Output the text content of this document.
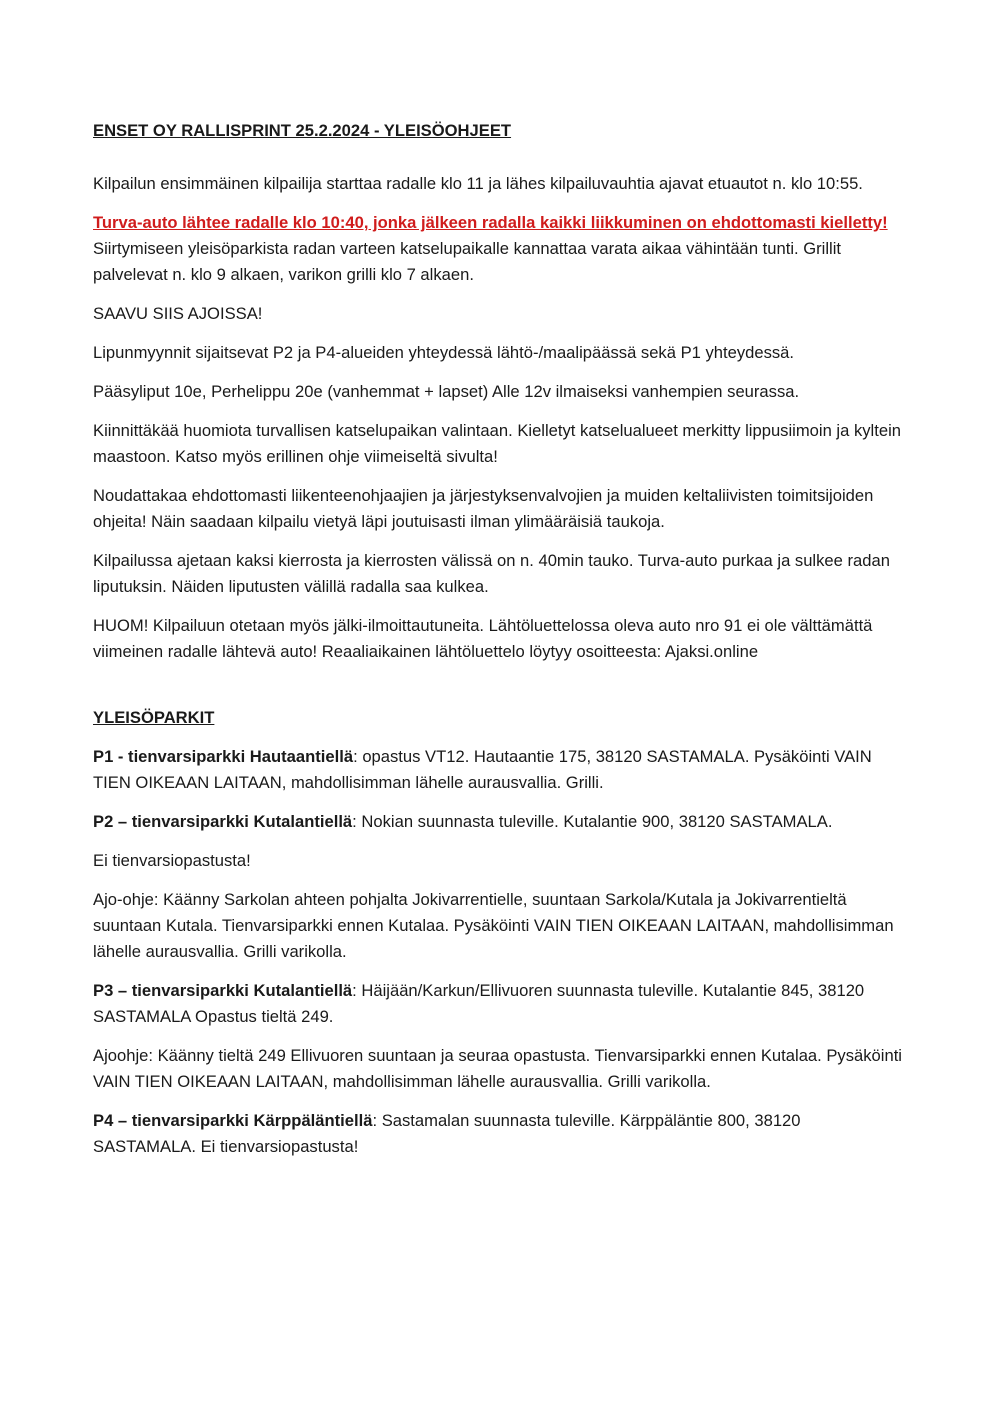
ENSET OY RALLISPRINT 25.2.2024 - YLEISÖOHJEET

Kilpailun ensimmäinen kilpailija starttaa radalle klo 11 ja lähes kilpailuvauhtia ajavat etuautot n. klo 10:55.

Turva-auto lähtee radalle klo 10:40, jonka jälkeen radalla kaikki liikkuminen on ehdottomasti kielletty! Siirtymiseen yleisöparkista radan varteen katselupaikalle kannattaa varata aikaa vähintään tunti. Grillit palvelevat n. klo 9 alkaen, varikon grilli klo 7 alkaen.

SAAVU SIIS AJOISSA!

Lipunmyynnit sijaitsevat P2 ja P4-alueiden yhteydessä lähtö-/maalipäässä sekä P1 yhteydessä.

Pääsyliput 10e, Perhelippu 20e (vanhemmat + lapset) Alle 12v ilmaiseksi vanhempien seurassa.

Kiinnittäkää huomiota turvallisen katselupaikan valintaan. Kielletyt katselualueet merkitty lippusiimoin ja kyltein maastoon. Katso myös erillinen ohje viimeiseltä sivulta!

Noudattakaa ehdottomasti liikenteenohjaajien ja järjestyksenvalvojien ja muiden keltaliivisten toimitsijoiden ohjeita! Näin saadaan kilpailu vietyä läpi joutuisasti ilman ylimääräisiä taukoja.

Kilpailussa ajetaan kaksi kierrosta ja kierrosten välissä on n. 40min tauko. Turva-auto purkaa ja sulkee radan liputuksin. Näiden liputusten välillä radalla saa kulkea.

HUOM! Kilpailuun otetaan myös jälki-ilmoittautuneita. Lähtöluettelossa oleva auto nro 91 ei ole välttämättä viimeinen radalle lähtevä auto! Reaaliaikainen lähtöluettelo löytyy osoitteesta: Ajaksi.online

YLEISÖPARKIT

P1 - tienvarsiparkki Hautaantiellä: opastus VT12. Hautaantie 175, 38120 SASTAMALA. Pysäköinti VAIN TIEN OIKEAAN LAITAAN, mahdollisimman lähelle aurausvallia. Grilli.

P2 – tienvarsiparkki Kutalantiellä: Nokian suunnasta tuleville. Kutalantie 900, 38120 SASTAMALA.

Ei tienvarsiopastusta!

Ajo-ohje: Käänny Sarkolan ahteen pohjalta Jokivarrentielle, suuntaan Sarkola/Kutala ja Jokivarrentieltä suuntaan Kutala. Tienvarsiparkki ennen Kutalaa. Pysäköinti VAIN TIEN OIKEAAN LAITAAN, mahdollisimman lähelle aurausvallia. Grilli varikolla.

P3 – tienvarsiparkki Kutalantiellä: Häijään/Karkun/Ellivuoren suunnasta tuleville. Kutalantie 845, 38120 SASTAMALA Opastus tieltä 249.

Ajoohje: Käänny tieltä 249 Ellivuoren suuntaan ja seuraa opastusta. Tienvarsiparkki ennen Kutalaa. Pysäköinti VAIN TIEN OIKEAAN LAITAAN, mahdollisimman lähelle aurausvallia. Grilli varikolla.

P4 – tienvarsiparkki Kärppäläntiellä: Sastamalan suunnasta tuleville. Kärppäläntie 800, 38120 SASTAMALA. Ei tienvarsiopastusta!
